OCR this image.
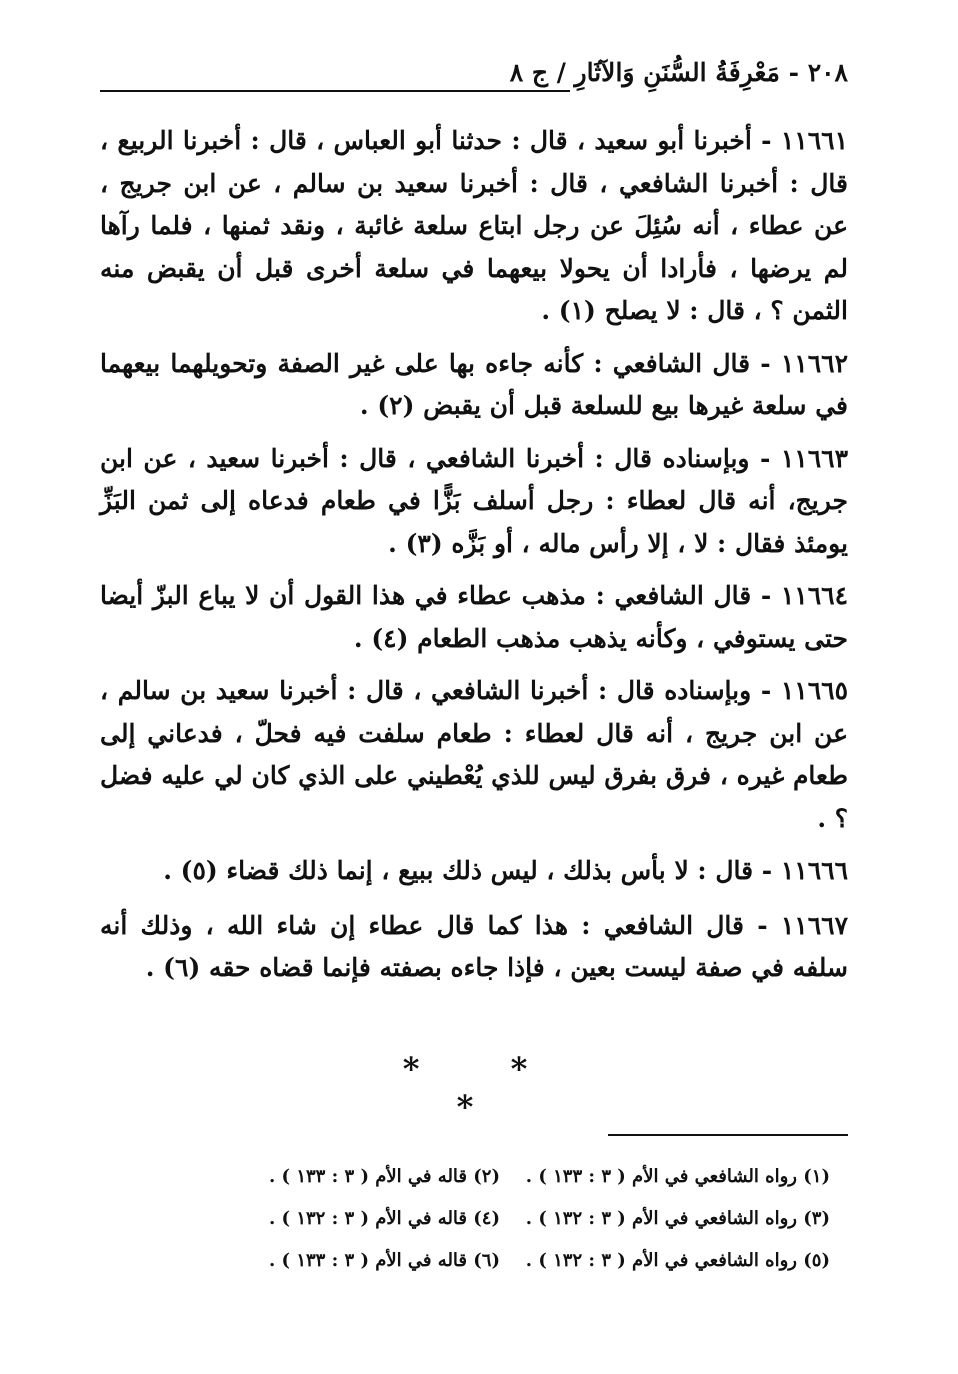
٢٠٨ - مَعْرِفَةُ السُّنَنِ وَالآثَارِ / ج ٨

١١٦٦١ - أخبرنا أبو سعيد ، قال : حدثنا أبو العباس ، قال : أخبرنا الربيع ، قال : أخبرنا الشافعي ، قال : أخبرنا سعيد بن سالم ، عن ابن جريج ، عن عطاء ، أنه سُئِلَ عن رجل ابتاع سلعة غائبة ، ونقد ثمنها ، فلما رآها لم يرضها ، فأرادا أن يحولا بيعهما في سلعة أخرى قبل أن يقبض منه الثمن ؟ ، قال : لا يصلح (١) .

١١٦٦٢ - قال الشافعي : كأنه جاءه بها على غير الصفة وتحويلهما بيعهما في سلعة غيرها بيع للسلعة قبل أن يقبض (٢) .

١١٦٦٣ - وبإسناده قال : أخبرنا الشافعي ، قال : أخبرنا سعيد ، عن ابن جريج، أنه قال لعطاء : رجل أسلف بَزًّا في طعام فدعاه إلى ثمن البَزِّ يومئذ فقال : لا ، إلا رأس ماله ، أو بَزَّه (٣) .

١١٦٦٤ - قال الشافعي : مذهب عطاء في هذا القول أن لا يباع البزّ أيضا حتى يستوفي ، وكأنه يذهب مذهب الطعام (٤) .

١١٦٦٥ - وبإسناده قال : أخبرنا الشافعي ، قال : أخبرنا سعيد بن سالم ، عن ابن جريج ، أنه قال لعطاء : طعام سلفت فيه فحلّ ، فدعاني إلى طعام غيره ، فرق بفرق ليس للذي يُعْطيني على الذي كان لي عليه فضل ؟ .

١١٦٦٦ - قال : لا بأس بذلك ، ليس ذلك ببيع ، إنما ذلك قضاء (٥) .

١١٦٦٧ - قال الشافعي : هذا كما قال عطاء إن شاء الله ، وذلك أنه سلفه في صفة ليست بعين ، فإذا جاءه بصفته فإنما قضاه حقه (٦) .

* * *
(١) رواه الشافعي في الأم ( ٣ : ١٣٣ ) .
(٢) قاله في الأم ( ٣ : ١٣٣ ) .
(٣) رواه الشافعي في الأم ( ٣ : ١٣٢ ) .
(٤) قاله في الأم ( ٣ : ١٣٢ ) .
(٥) رواه الشافعي في الأم ( ٣ : ١٣٢ ) .
(٦) قاله في الأم ( ٣ : ١٣٣ ) .
